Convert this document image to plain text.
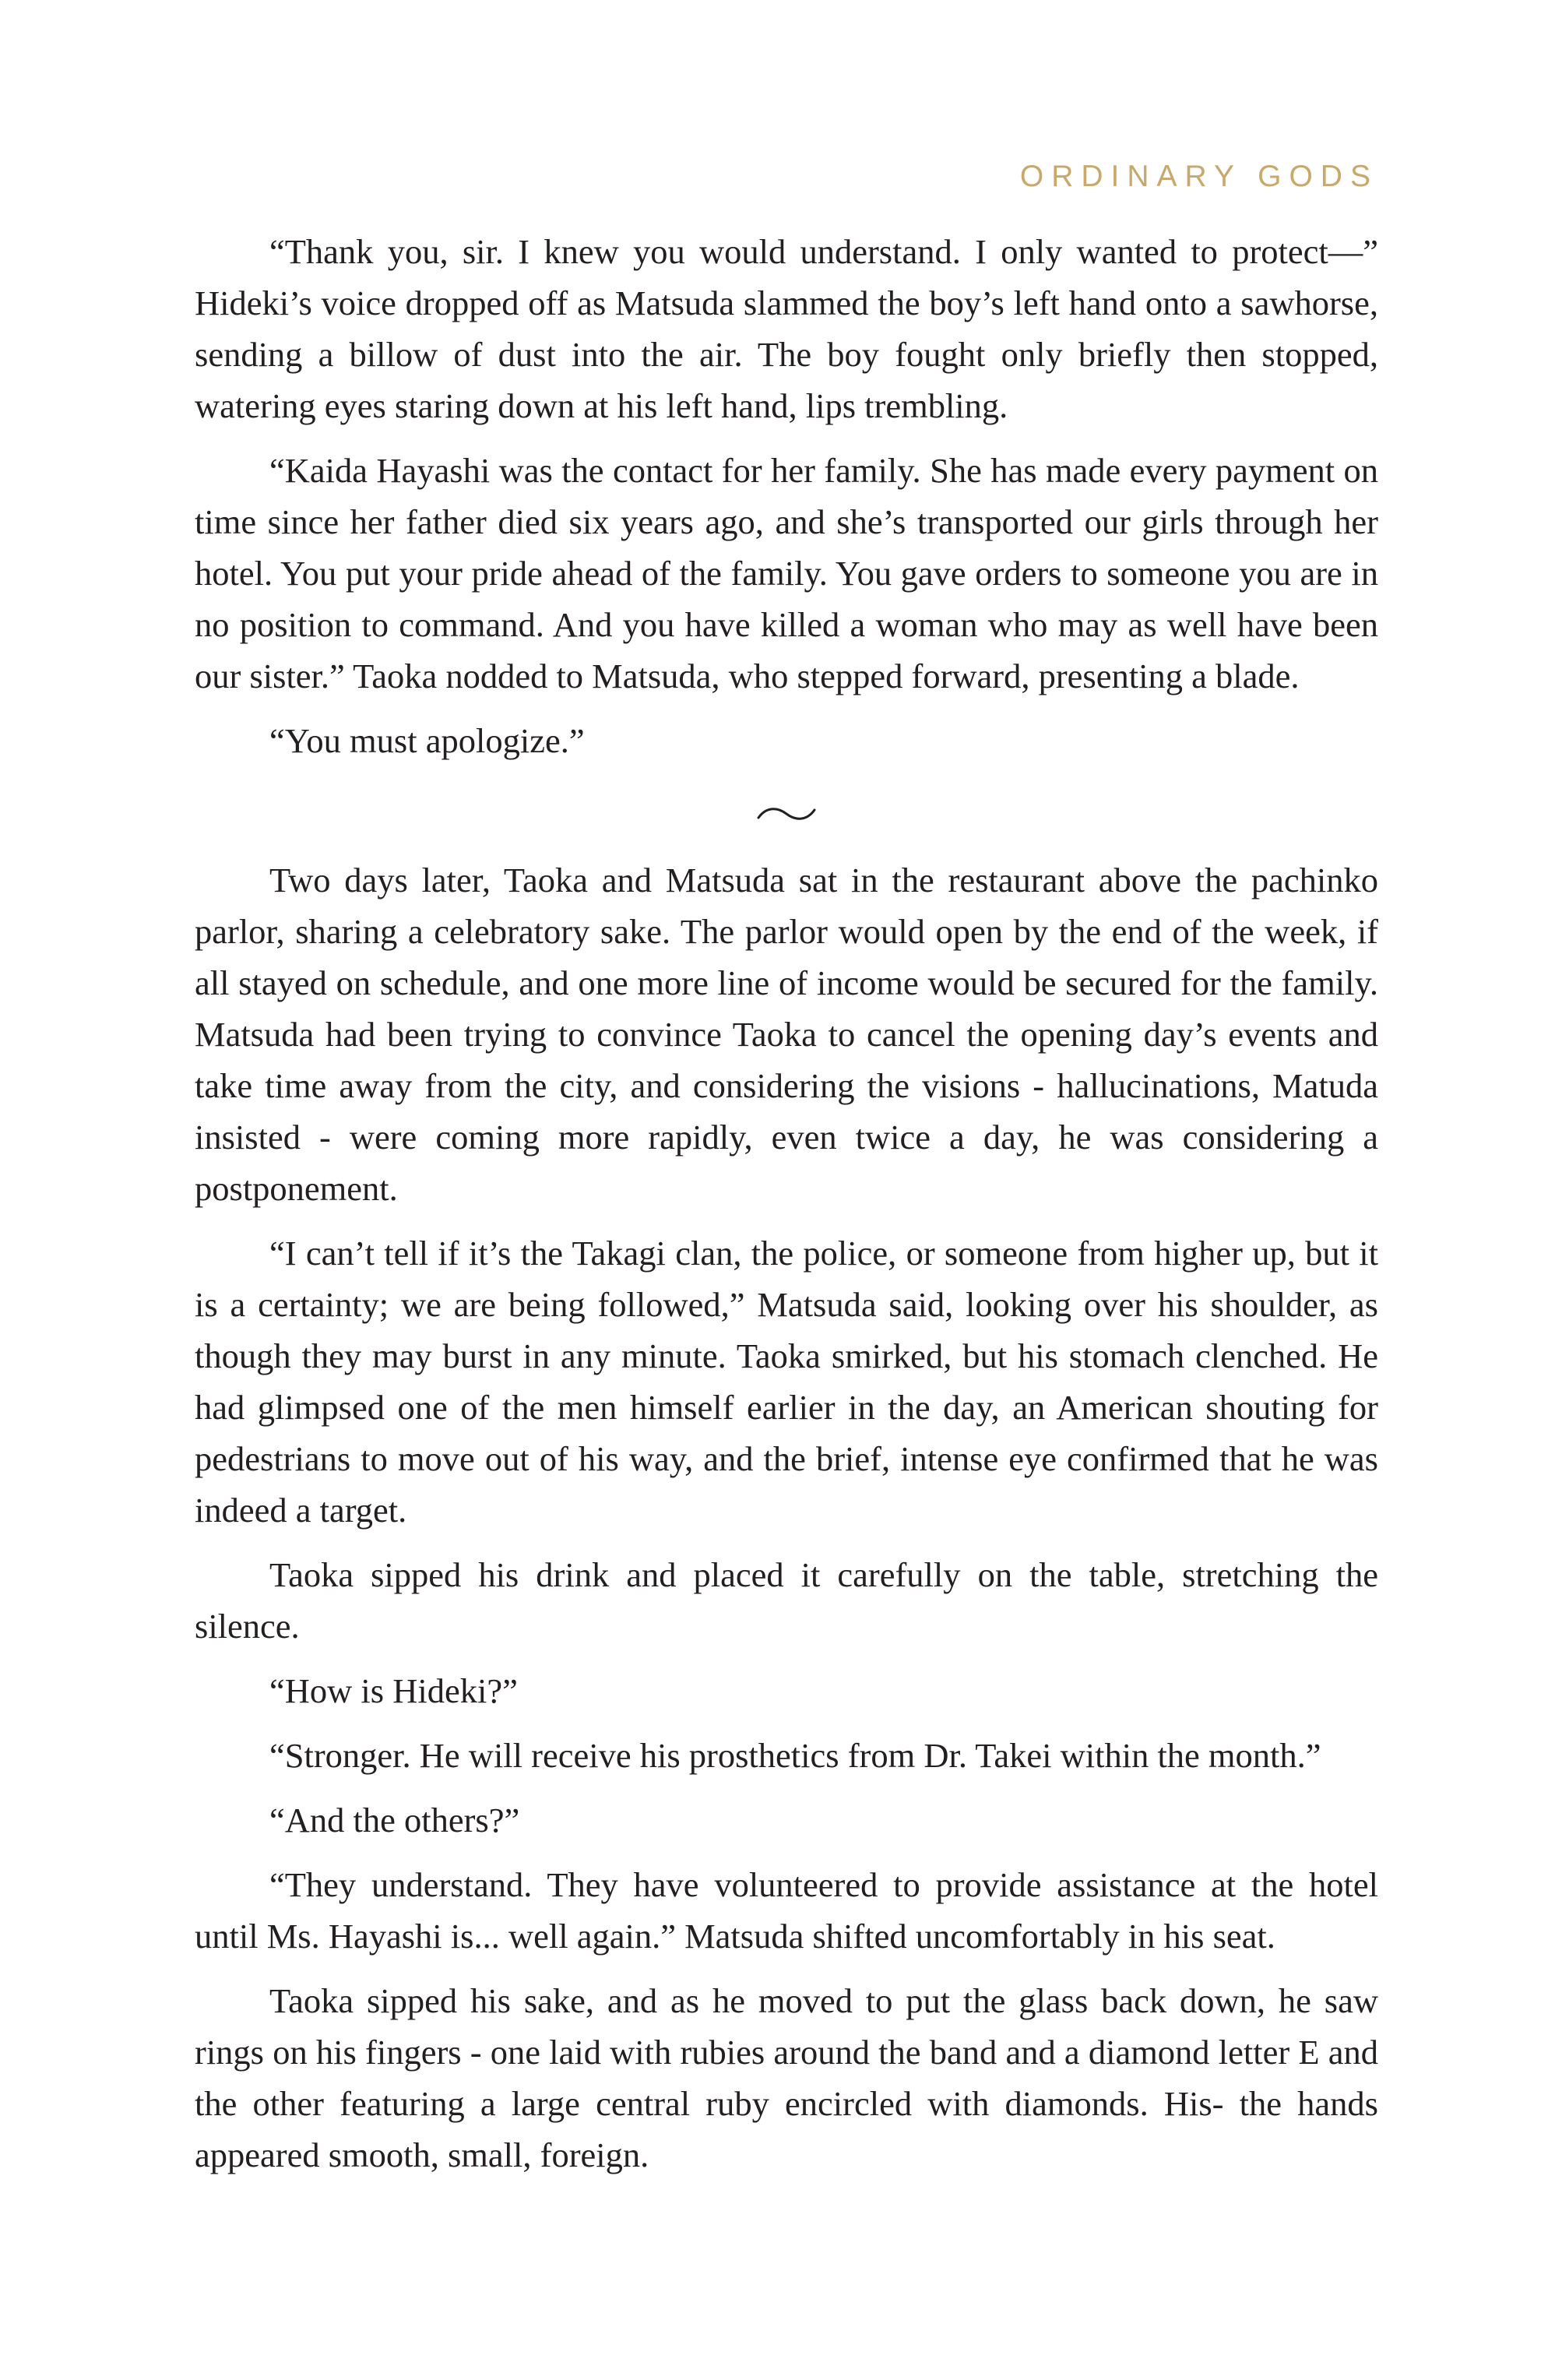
ORDINARY GODS

“Thank you, sir. I knew you would understand. I only wanted to protect—” Hideki’s voice dropped off as Matsuda slammed the boy’s left hand onto a sawhorse, sending a billow of dust into the air. The boy fought only briefly then stopped, watering eyes staring down at his left hand, lips trembling.

“Kaida Hayashi was the contact for her family. She has made every payment on time since her father died six years ago, and she’s transported our girls through her hotel. You put your pride ahead of the family. You gave orders to someone you are in no position to command. And you have killed a woman who may as well have been our sister.” Taoka nodded to Matsuda, who stepped forward, presenting a blade.

“You must apologize.”

Two days later, Taoka and Matsuda sat in the restaurant above the pachinko parlor, sharing a celebratory sake. The parlor would open by the end of the week, if all stayed on schedule, and one more line of income would be secured for the family. Matsuda had been trying to convince Taoka to cancel the opening day’s events and take time away from the city, and considering the visions - hallucinations, Matuda insisted - were coming more rapidly, even twice a day, he was considering a postponement.

“I can’t tell if it’s the Takagi clan, the police, or someone from higher up, but it is a certainty; we are being followed,” Matsuda said, looking over his shoulder, as though they may burst in any minute. Taoka smirked, but his stomach clenched. He had glimpsed one of the men himself earlier in the day, an American shouting for pedestrians to move out of his way, and the brief, intense eye confirmed that he was indeed a target.

Taoka sipped his drink and placed it carefully on the table, stretching the silence.

“How is Hideki?”

“Stronger. He will receive his prosthetics from Dr. Takei within the month.”

“And the others?”

“They understand. They have volunteered to provide assistance at the hotel until Ms. Hayashi is... well again.” Matsuda shifted uncomfortably in his seat.

Taoka sipped his sake, and as he moved to put the glass back down, he saw rings on his fingers - one laid with rubies around the band and a diamond letter E and the other featuring a large central ruby encircled with diamonds. His- the hands appeared smooth, small, foreign.
